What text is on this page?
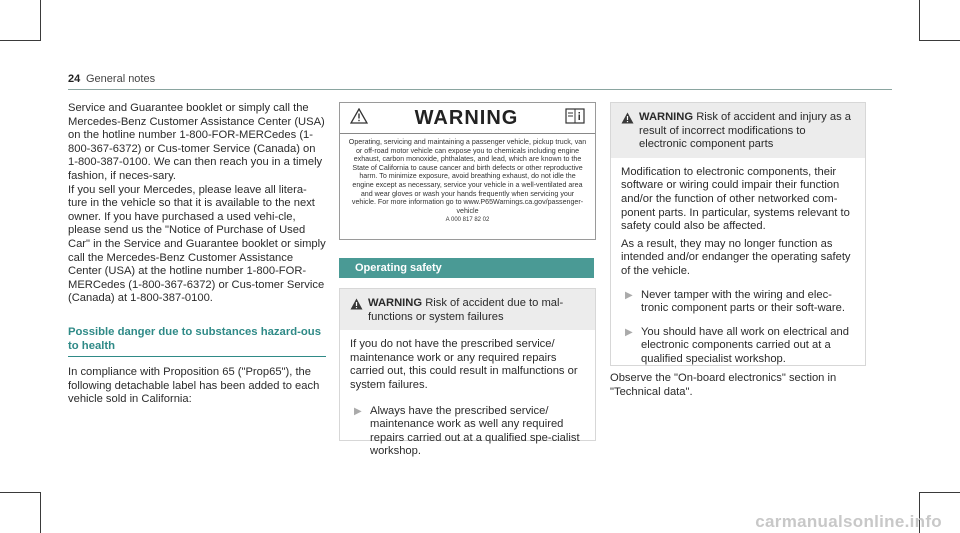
24 General notes

Service and Guarantee booklet or simply call the Mercedes-Benz Customer Assistance Center (USA) on the hotline number 1-800-FOR-MERCedes (1-800-367-6372) or Cus-tomer Service (Canada) on 1-800-387-0100. We can then reach you in a timely fashion, if neces-sary.

If you sell your Mercedes, please leave all litera-ture in the vehicle so that it is available to the next owner. If you have purchased a used vehi-cle, please send us the "Notice of Purchase of Used Car" in the Service and Guarantee booklet or simply call the Mercedes-Benz Customer Assistance Center (USA) at the hotline number 1-800-FOR-MERCedes (1-800-367-6372) or Cus-tomer Service (Canada) at 1-800-387-0100.

Possible danger due to substances hazard-ous to health

In compliance with Proposition 65 ("Prop65"), the following detachable label has been added to each vehicle sold in California:

WARNING
Operating, servicing and maintaining a passenger vehicle, pickup truck, van or off-road motor vehicle can expose you to chemicals including engine exhaust, carbon monoxide, phthalates, and lead, which are known to the State of California to cause cancer and birth defects or other reproductive harm. To minimize exposure, avoid breathing exhaust, do not idle the engine except as necessary, service your vehicle in a well-ventilated area and wear gloves or wash your hands frequently when servicing your vehicle. For more information go to www.P65Warnings.ca.gov/passenger-vehicle
A 000 817 82 02
Operating safety
WARNING Risk of accident due to mal-functions or system failures

If you do not have the prescribed service/ maintenance work or any required repairs carried out, this could result in malfunctions or system failures.

▶ Always have the prescribed service/ maintenance work as well any required repairs carried out at a qualified spe-cialist workshop.
WARNING Risk of accident and injury as a result of incorrect modifications to electronic component parts

Modification to electronic components, their software or wiring could impair their function and/or the function of other networked com-ponent parts. In particular, systems relevant to safety could also be affected.

As a result, they may no longer function as intended and/or endanger the operating safety of the vehicle.

▶ Never tamper with the wiring and elec-tronic component parts or their soft-ware.
▶ You should have all work on electrical and electronic components carried out at a qualified specialist workshop.

Observe the "On-board electronics" section in "Technical data".

carmanualsonline.info
